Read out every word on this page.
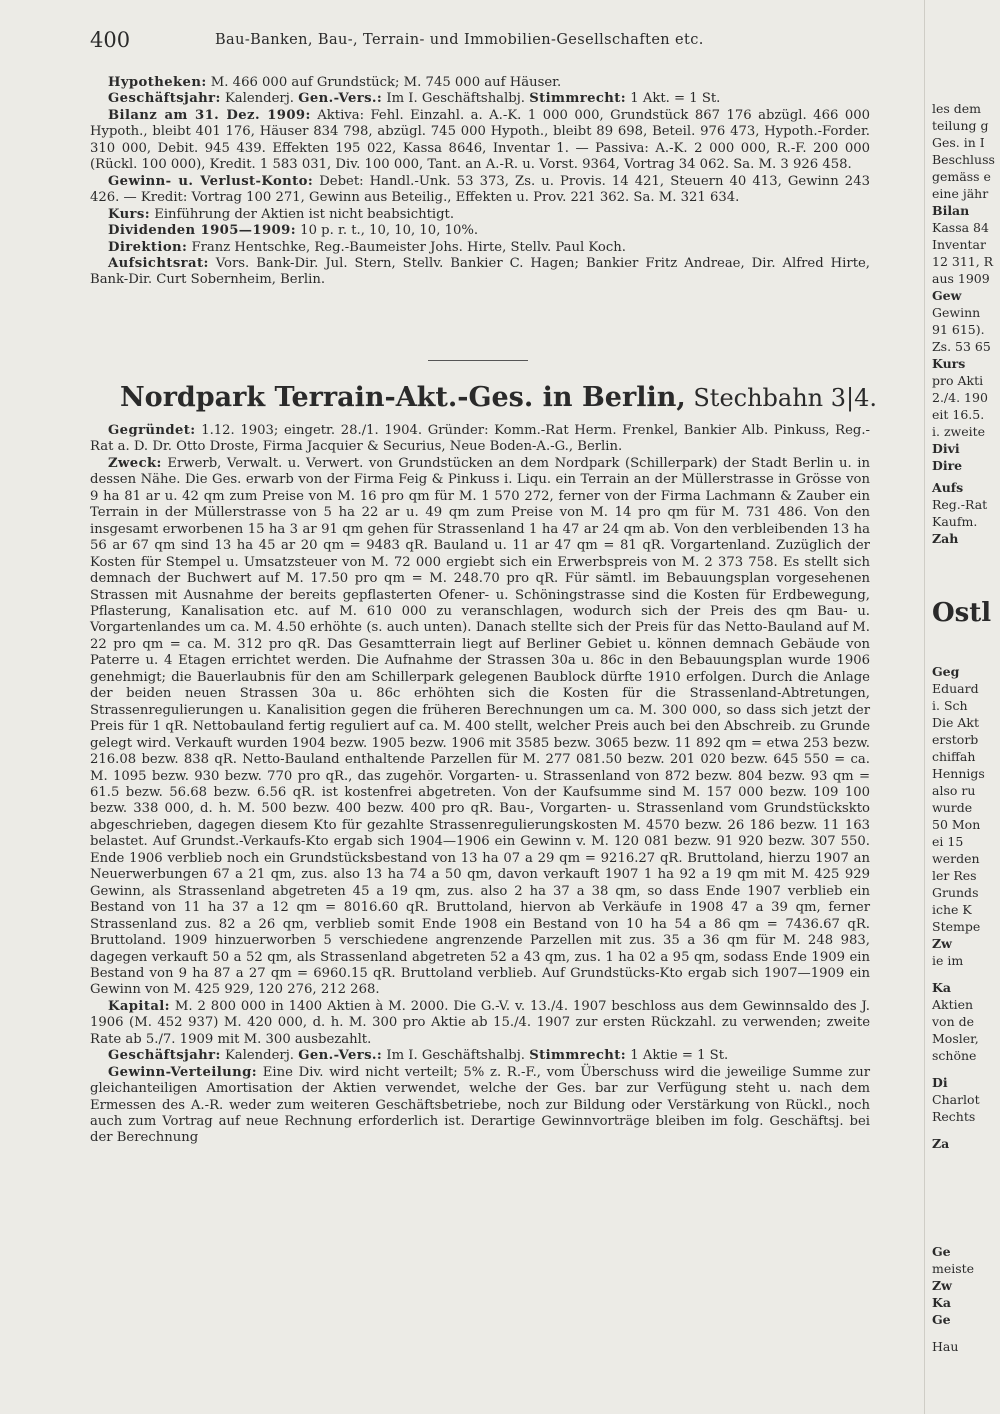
400	Bau-Banken, Bau-, Terrain- und Immobilien-Gesellschaften etc.

Hypotheken: M. 466 000 auf Grundstück; M. 745 000 auf Häuser.

Geschäftsjahr: Kalenderj. Gen.-Vers.: Im I. Geschäftshalbj. Stimmrecht: 1 Akt. = 1 St.

Bilanz am 31. Dez. 1909: Aktiva: Fehl. Einzahl. a. A.-K. 1 000 000, Grundstück 867 176 abzügl. 466 000 Hypoth., bleibt 401 176, Häuser 834 798, abzügl. 745 000 Hypoth., bleibt 89 698, Beteil. 976 473, Hypoth.-Forder. 310 000, Debit. 945 439. Effekten 195 022, Kassa 8646, Inventar 1. — Passiva: A.-K. 2 000 000, R.-F. 200 000 (Rückl. 100 000), Kredit. 1 583 031, Div. 100 000, Tant. an A.-R. u. Vorst. 9364, Vortrag 34 062. Sa. M. 3 926 458.

Gewinn- u. Verlust-Konto: Debet: Handl.-Unk. 53 373, Zs. u. Provis. 14 421, Steuern 40 413, Gewinn 243 426. — Kredit: Vortrag 100 271, Gewinn aus Beteilig., Effekten u. Prov. 221 362. Sa. M. 321 634.

Kurs: Einführung der Aktien ist nicht beabsichtigt.

Dividenden 1905—1909: 10 p. r. t., 10, 10, 10, 10%.

Direktion: Franz Hentschke, Reg.-Baumeister Johs. Hirte, Stellv. Paul Koch.

Aufsichtsrat: Vors. Bank-Dir. Jul. Stern, Stellv. Bankier C. Hagen; Bankier Fritz Andreae, Dir. Alfred Hirte, Bank-Dir. Curt Sobernheim, Berlin.

Nordpark Terrain-Akt.-Ges. in Berlin, Stechbahn 3|4.

Gegründet: 1.12. 1903; eingetr. 28./1. 1904. Gründer: Komm.-Rat Herm. Frenkel, Bankier Alb. Pinkuss, Reg.-Rat a. D. Dr. Otto Droste, Firma Jacquier & Securius, Neue Boden-A.-G., Berlin.

Zweck: Erwerb, Verwalt. u. Verwert. von Grundstücken an dem Nordpark (Schillerpark) der Stadt Berlin u. in dessen Nähe. Die Ges. erwarb von der Firma Feig & Pinkuss i. Liqu. ein Terrain an der Müllerstrasse in Grösse von 9 ha 81 ar u. 42 qm zum Preise von M. 16 pro qm für M. 1 570 272, ferner von der Firma Lachmann & Zauber ein Terrain in der Müllerstrasse von 5 ha 22 ar u. 49 qm zum Preise von M. 14 pro qm für M. 731 486. Von den insgesamt erworbenen 15 ha 3 ar 91 qm gehen für Strassenland 1 ha 47 ar 24 qm ab. Von den verbleibenden 13 ha 56 ar 67 qm sind 13 ha 45 ar 20 qm = 9483 qR. Bauland u. 11 ar 47 qm = 81 qR. Vorgartenland. Zuzüglich der Kosten für Stempel u. Umsatzsteuer von M. 72 000 ergiebt sich ein Erwerbspreis von M. 2 373 758. Es stellt sich demnach der Buchwert auf M. 17.50 pro qm = M. 248.70 pro qR. Für sämtl. im Bebauungsplan vorgesehenen Strassen mit Ausnahme der bereits gepflasterten Ofener- u. Schöningstrasse sind die Kosten für Erdbewegung, Pflasterung, Kanalisation etc. auf M. 610 000 zu veranschlagen, wodurch sich der Preis des qm Bau- u. Vorgartenlandes um ca. M. 4.50 erhöhte (s. auch unten). Danach stellte sich der Preis für das Netto-Bauland auf M. 22 pro qm = ca. M. 312 pro qR. Das Gesamtterrain liegt auf Berliner Gebiet u. können demnach Gebäude von Paterre u. 4 Etagen errichtet werden. Die Aufnahme der Strassen 30a u. 86c in den Bebauungsplan wurde 1906 genehmigt; die Bauerlaubnis für den am Schillerpark gelegenen Baublock dürfte 1910 erfolgen. Durch die Anlage der beiden neuen Strassen 30a u. 86c erhöhten sich die Kosten für die Strassenland-Abtretungen, Strassenregulierungen u. Kanalisition gegen die früheren Berechnungen um ca. M. 300 000, so dass sich jetzt der Preis für 1 qR. Nettobauland fertig reguliert auf ca. M. 400 stellt, welcher Preis auch bei den Abschreib. zu Grunde gelegt wird. Verkauft wurden 1904 bezw. 1905 bezw. 1906 mit 3585 bezw. 3065 bezw. 11 892 qm = etwa 253 bezw. 216.08 bezw. 838 qR. Netto-Bauland enthaltende Parzellen für M. 277 081.50 bezw. 201 020 bezw. 645 550 = ca. M. 1095 bezw. 930 bezw. 770 pro qR., das zugehör. Vorgarten- u. Strassenland von 872 bezw. 804 bezw. 93 qm = 61.5 bezw. 56.68 bezw. 6.56 qR. ist kostenfrei abgetreten. Von der Kaufsumme sind M. 157 000 bezw. 109 100 bezw. 338 000, d. h. M. 500 bezw. 400 bezw. 400 pro qR. Bau-, Vorgarten- u. Strassenland vom Grundstückskto abgeschrieben, dagegen diesem Kto für gezahlte Strassenregulierungskosten M. 4570 bezw. 26 186 bezw. 11 163 belastet. Auf Grundst.-Verkaufs-Kto ergab sich 1904—1906 ein Gewinn v. M. 120 081 bezw. 91 920 bezw. 307 550. Ende 1906 verblieb noch ein Grundstücksbestand von 13 ha 07 a 29 qm = 9216.27 qR. Bruttoland, hierzu 1907 an Neuerwerbungen 67 a 21 qm, zus. also 13 ha 74 a 50 qm, davon verkauft 1907 1 ha 92 a 19 qm mit M. 425 929 Gewinn, als Strassenland abgetreten 45 a 19 qm, zus. also 2 ha 37 a 38 qm, so dass Ende 1907 verblieb ein Bestand von 11 ha 37 a 12 qm = 8016.60 qR. Bruttoland, hiervon ab Verkäufe in 1908 47 a 39 qm, ferner Strassenland zus. 82 a 26 qm, verblieb somit Ende 1908 ein Bestand von 10 ha 54 a 86 qm = 7436.67 qR. Bruttoland. 1909 hinzuerworben 5 verschiedene angrenzende Parzellen mit zus. 35 a 36 qm für M. 248 983, dagegen verkauft 50 a 52 qm, als Strassenland abgetreten 52 a 43 qm, zus. 1 ha 02 a 95 qm, sodass Ende 1909 ein Bestand von 9 ha 87 a 27 qm = 6960.15 qR. Bruttoland verblieb. Auf Grundstücks-Kto ergab sich 1907—1909 ein Gewinn von M. 425 929, 120 276, 212 268.

Kapital: M. 2 800 000 in 1400 Aktien à M. 2000. Die G.-V. v. 13./4. 1907 beschloss aus dem Gewinnsaldo des J. 1906 (M. 452 937) M. 420 000, d. h. M. 300 pro Aktie ab 15./4. 1907 zur ersten Rückzahl. zu verwenden; zweite Rate ab 5./7. 1909 mit M. 300 ausbezahlt.

Geschäftsjahr: Kalenderj. Gen.-Vers.: Im I. Geschäftshalbj. Stimmrecht: 1 Aktie = 1 St.

Gewinn-Verteilung: Eine Div. wird nicht verteilt; 5% z. R.-F., vom Überschuss wird die jeweilige Summe zur gleichanteiligen Amortisation der Aktien verwendet, welche der Ges. bar zur Verfügung steht u. nach dem Ermessen des A.-R. weder zum weiteren Geschäftsbetriebe, noch zur Bildung oder Verstärkung von Rückl., noch auch zum Vortrag auf neue Rechnung erforderlich ist. Derartige Gewinnvorträge bleiben im folg. Geschäftsj. bei der Berechnung

les dem
teilung g
Ges. in I
Beschluss
gemäss e
eine jähr
Bilan
Kassa 84
Inventar
12 311, R
aus 1909
Gew
Gewinn
91 615).
Zs. 53 65
Kurs
pro Akti
2./4. 190
eit 16.5.
i. zweite
Divi
Dire
Aufs
Reg.-Rat
Kaufm.
Zah
Ostl
Geg
Eduard
i. Sch
Die Akt
erstorb
chiffah
Hennigs
also ru
wurde
50 Mon
ei 15
werden
ler Res
Grunds
iche K
Stempe
Zw
ie im
Ka
Aktien
von de
Mosler,
schöne
Di
Charlot
Rechts
Za
Ge
meiste
Zw
Ka
Ge
Hau
